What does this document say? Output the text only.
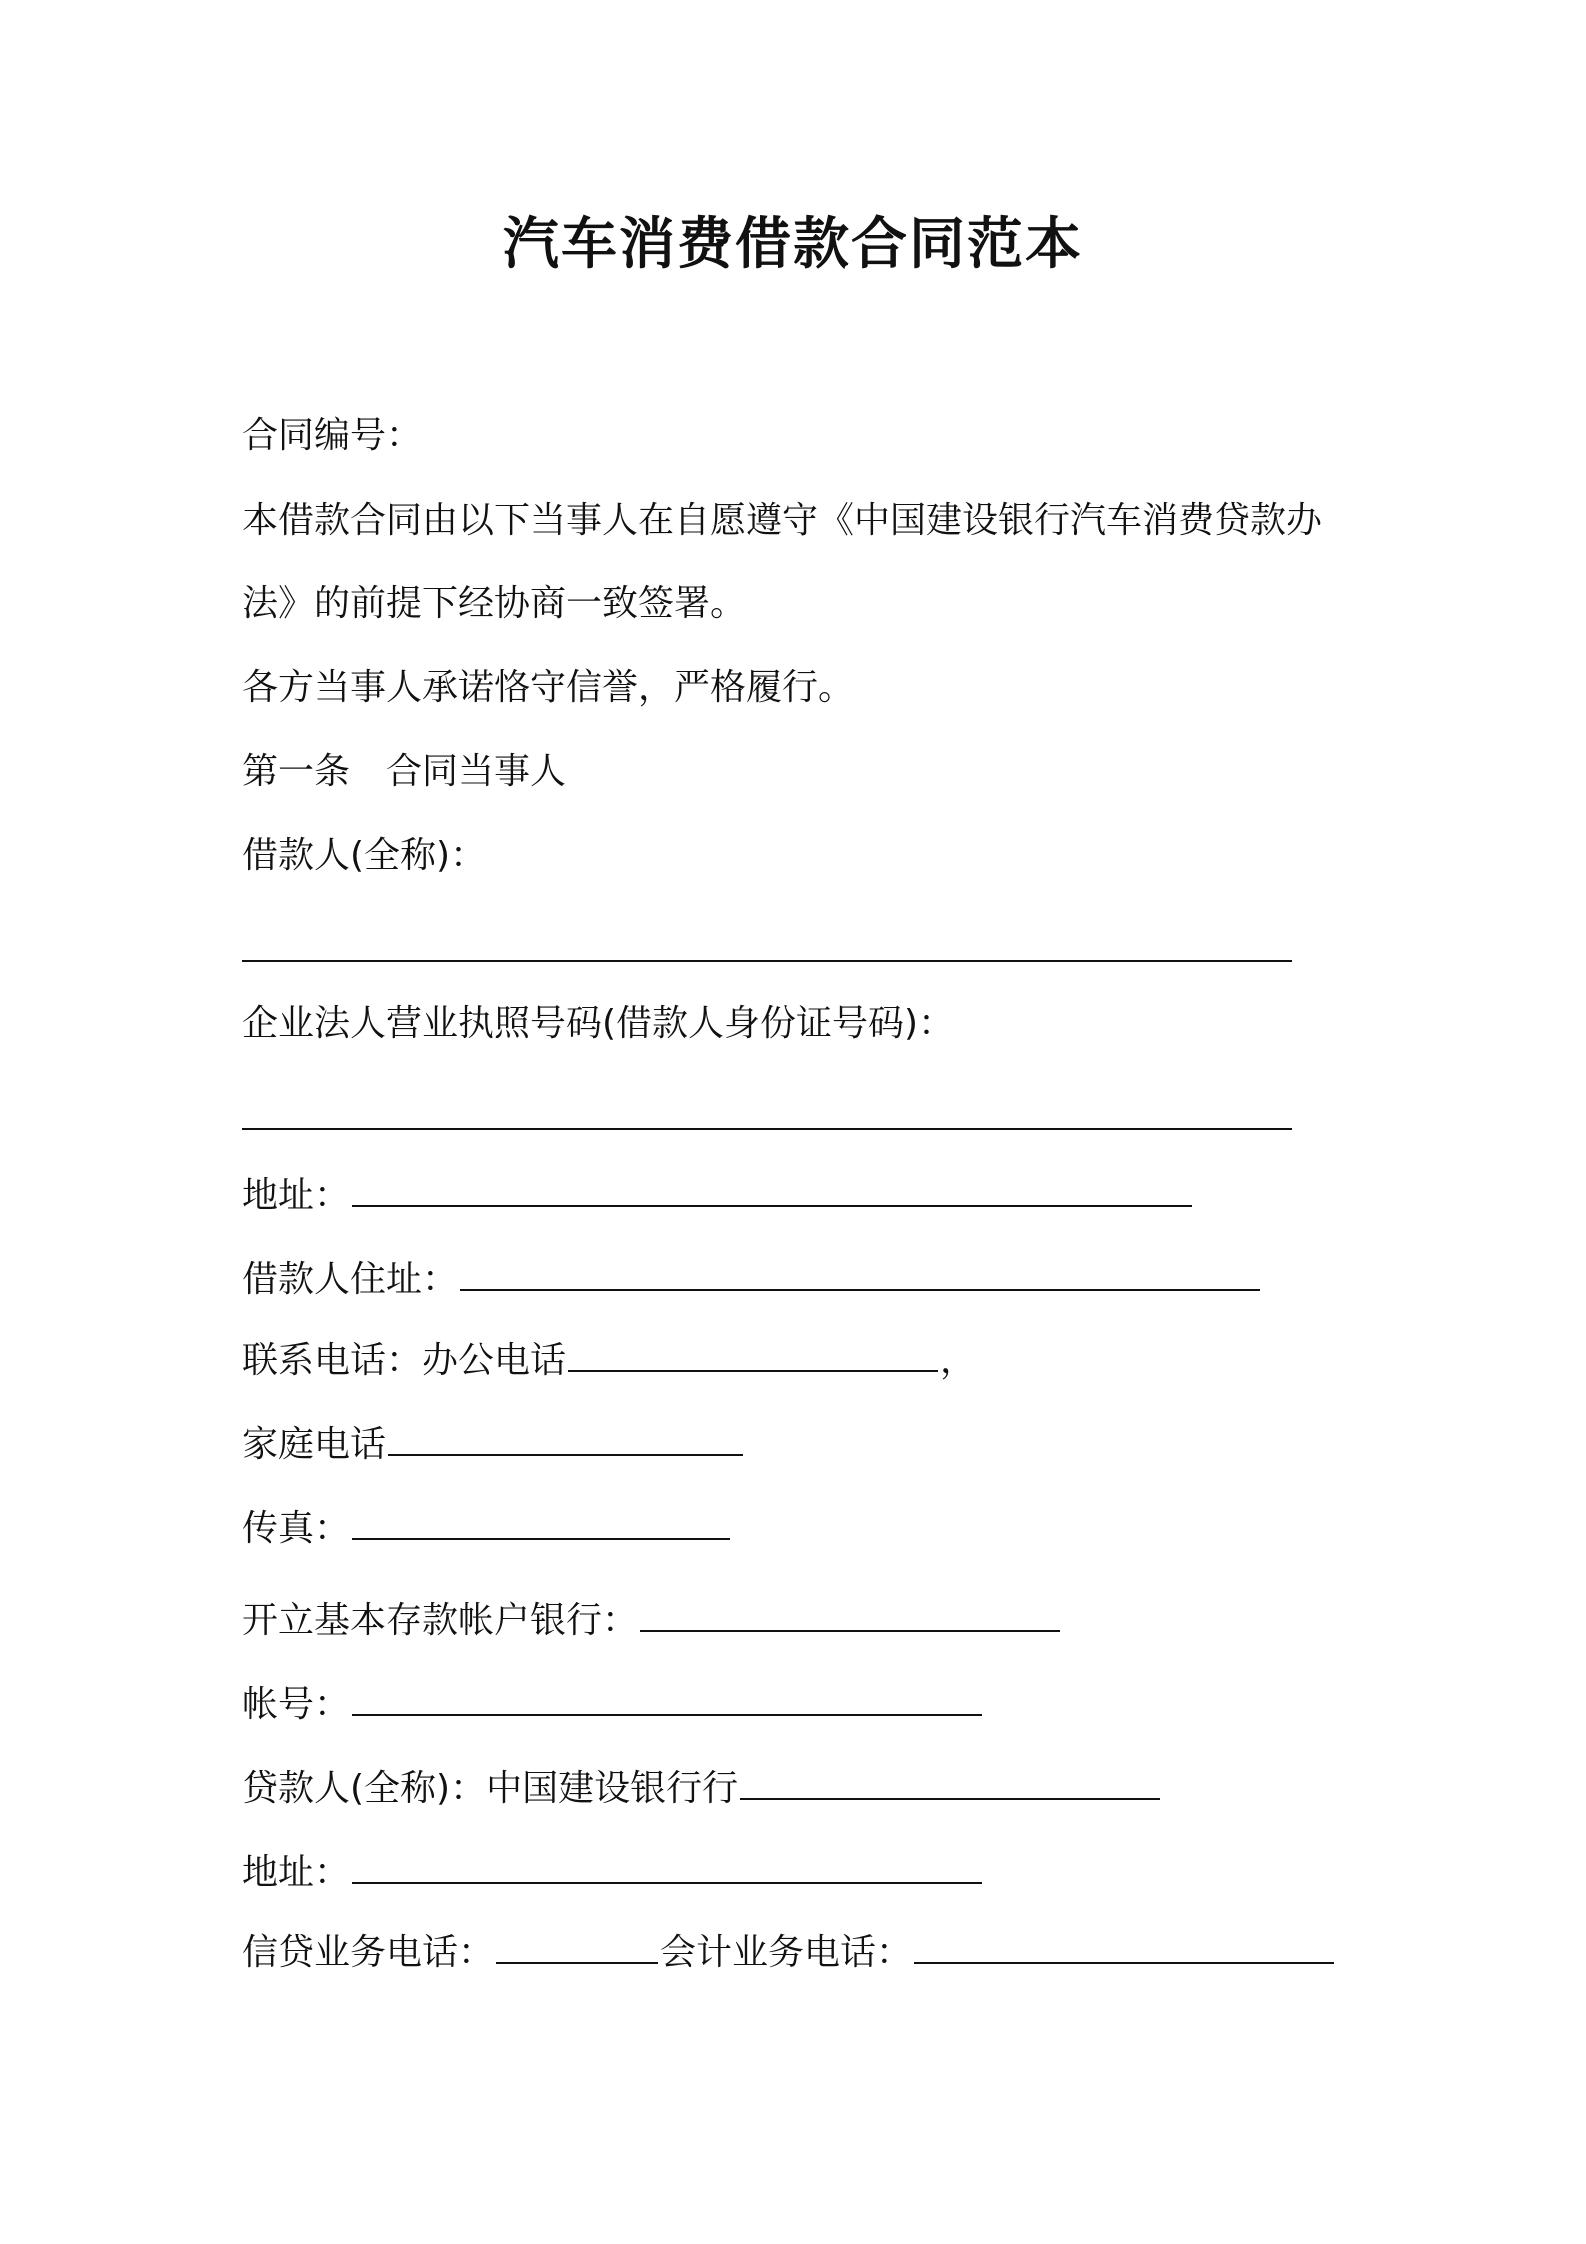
汽车消费借款合同范本
合同编号：
本借款合同由以下当事人在自愿遵守《中国建设银行汽车消费贷款办
法》的前提下经协商一致签署。
各方当事人承诺恪守信誉，严格履行。
第一条　合同当事人
借款人(全称)：
企业法人营业执照号码(借款人身份证号码)：
地址：
借款人住址：
联系电话：办公电话	，
家庭电话
传真：
开立基本存款帐户银行：
帐号：
贷款人(全称)：中国建设银行行
地址：
信贷业务电话：	会计业务电话：
